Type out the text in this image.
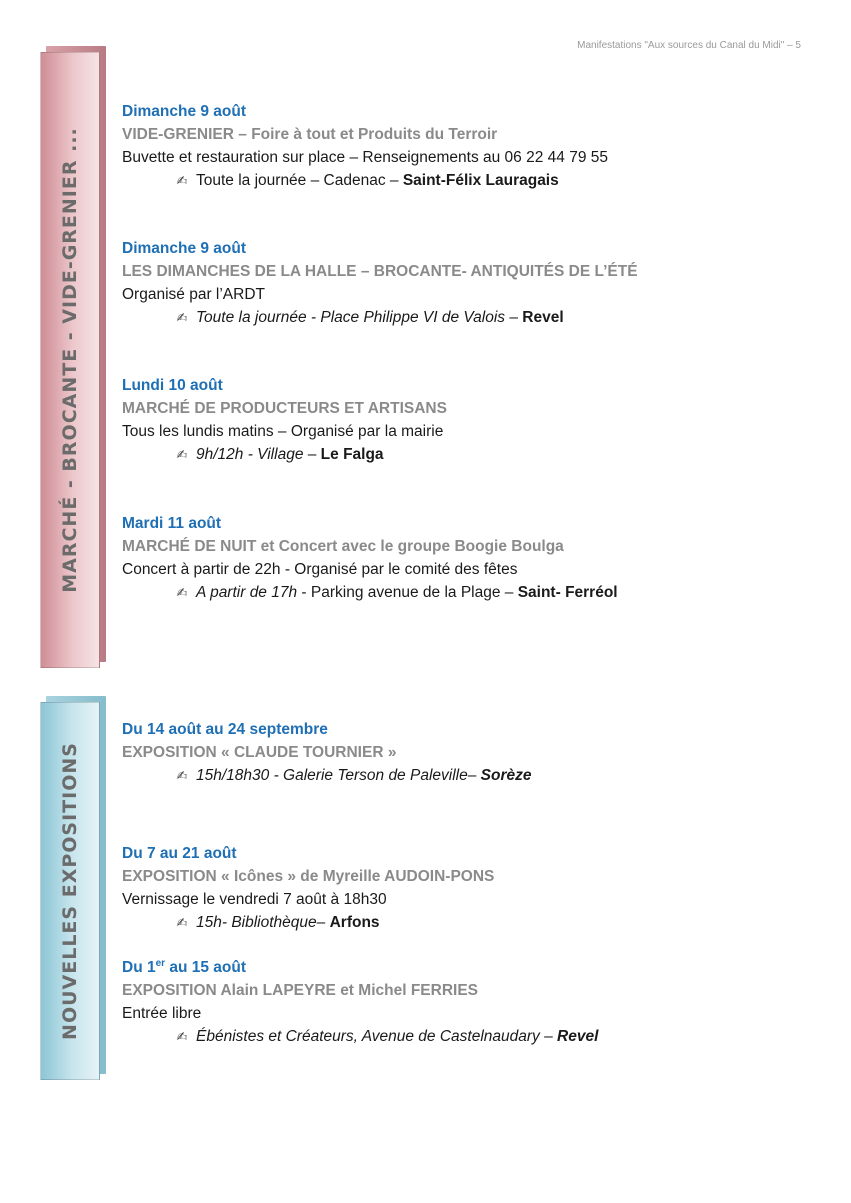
Manifestations "Aux sources du Canal du Midi" – 5
MARCHÉ - BROCANTE - VIDE-GRENIER ...
NOUVELLES EXPOSITIONS
Dimanche 9 août
VIDE-GRENIER – Foire à tout et Produits du Terroir
Buvette et restauration sur place – Renseignements au 06 22 44 79 55
✍ Toute la journée – Cadenac – Saint-Félix Lauragais
Dimanche 9 août
LES DIMANCHES DE LA HALLE – BROCANTE- ANTIQUITÉS DE L’ÉTÉ
Organisé par l’ARDT
✍ Toute la journée - Place Philippe VI de Valois – Revel
Lundi 10 août
MARCHÉ DE PRODUCTEURS ET ARTISANS
Tous les lundis matins – Organisé par la mairie
✍ 9h/12h - Village – Le Falga
Mardi 11 août
MARCHÉ DE NUIT et Concert avec le groupe Boogie Boulga
Concert à partir de 22h - Organisé par le comité des fêtes
✍ A partir de 17h - Parking avenue de la Plage – Saint- Ferréol
Du 14 août au 24 septembre
EXPOSITION « CLAUDE TOURNIER »
✍ 15h/18h30 - Galerie Terson de Paleville– Sorèze
Du 7 au 21 août
EXPOSITION « Icônes » de Myreille AUDOIN-PONS
Vernissage le vendredi 7 août à 18h30
✍ 15h- Bibliothèque– Arfons
Du 1er au 15 août
EXPOSITION Alain LAPEYRE et Michel FERRIES
Entrée libre
✍ Ébénistes et Créateurs, Avenue de Castelnaudary – Revel
